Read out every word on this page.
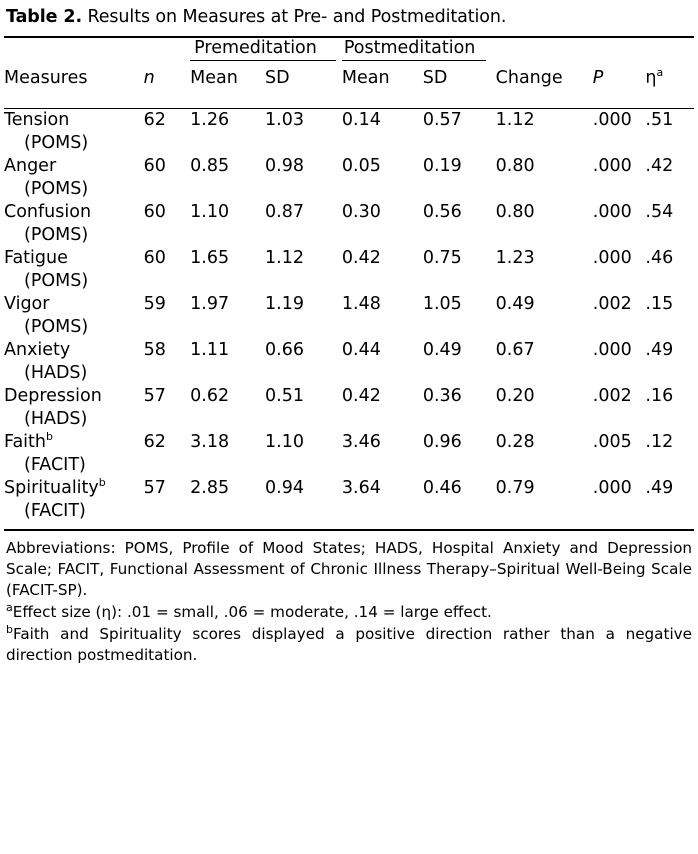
Table 2. Results on Measures at Pre- and Postmeditation.

		Premeditation		Postmeditation				

Measures	n	Mean	SD	Mean	SD	Change	P	$\eta^a$
Tension
(POMS)	62	1.26	1.03	0.14	0.57	1.12	.000	.51
Anger
(POMS)	60	0.85	0.98	0.05	0.19	0.80	.000	.42
Confusion
(POMS)	60	1.10	0.87	0.30	0.56	0.80	.000	.54
Fatigue
(POMS)	60	1.65	1.12	0.42	0.75	1.23	.000	.46
Vigor
(POMS)	59	1.97	1.19	1.48	1.05	0.49	.002	.15
Anxiety
(HADS)	58	1.11	0.66	0.44	0.49	0.67	.000	.49
Depression
(HADS)	57	0.62	0.51	0.42	0.36	0.20	.002	.16
Faith$^b$
(FACIT)	62	3.18	1.10	3.46	0.96	0.28	.005	.12
Spirituality$^b$
(FACIT)	57	2.85	0.94	3.64	0.46	0.79	.000	.49

Abbreviations: POMS, Profile of Mood States; HADS, Hospital Anxiety and Depression Scale; FACIT, Functional Assessment of Chronic Illness Therapy–Spiritual Well-Being Scale (FACIT-SP).

$^a$Effect size (η): .01 = small, .06 = moderate, .14 = large effect.

$^b$Faith and Spirituality scores displayed a positive direction rather than a negative direction postmeditation.
